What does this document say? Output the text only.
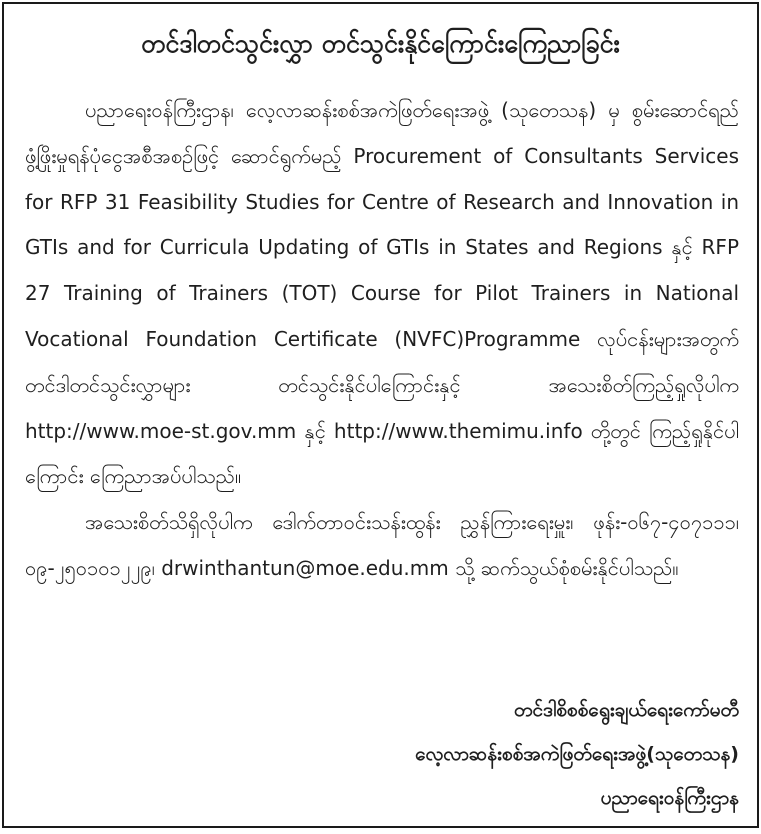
တင်ဒါတင်သွင်းလွှာ တင်သွင်းနိုင်ကြောင်းကြေညာခြင်း

ပညာရေးဝန်ကြီးဌာန၊ လေ့လာဆန်းစစ်အကဲဖြတ်ရေးအဖွဲ့ (သုတေသန) မှ စွမ်းဆောင်ရည်ဖွံ့ဖြိုးမှုရန်ပုံငွေအစီအစဉ်ဖြင့် ဆောင်ရွက်မည့် Procurement of Consultants Services for RFP 31 Feasibility Studies for Centre of Research and Innovation in GTIs and for Curricula Updating of GTIs in States and Regions နှင့် RFP 27 Training of Trainers (TOT) Course for Pilot Trainers in National Vocational Foundation Certificate (NVFC)Programme လုပ်ငန်းများအတွက် တင်ဒါတင်သွင်းလွှာများ တင်သွင်းနိုင်ပါကြောင်းနှင့် အသေးစိတ်ကြည့်ရှုလိုပါက http://www.moe-st.gov.mm နှင့် http://www.themimu.info တို့တွင် ကြည့်ရှုနိုင်ပါကြောင်း ကြေညာအပ်ပါသည်။

အသေးစိတ်သိရှိလိုပါက ဒေါက်တာဝင်းသန်းထွန်း ညွှန်ကြားရေးမှူး၊ ဖုန်း-၀၆၇-၄၀၇၁၁၁၊ ၀၉-၂၅၀၁၀၁၂၂၉၊ drwinthantun@moe.edu.mm သို့ ဆက်သွယ်စုံစမ်းနိုင်ပါသည်။

တင်ဒါစိစစ်ရွေးချယ်ရေးကော်မတီ
လေ့လာဆန်းစစ်အကဲဖြတ်ရေးအဖွဲ့(သုတေသန)
ပညာရေးဝန်ကြီးဌာန
